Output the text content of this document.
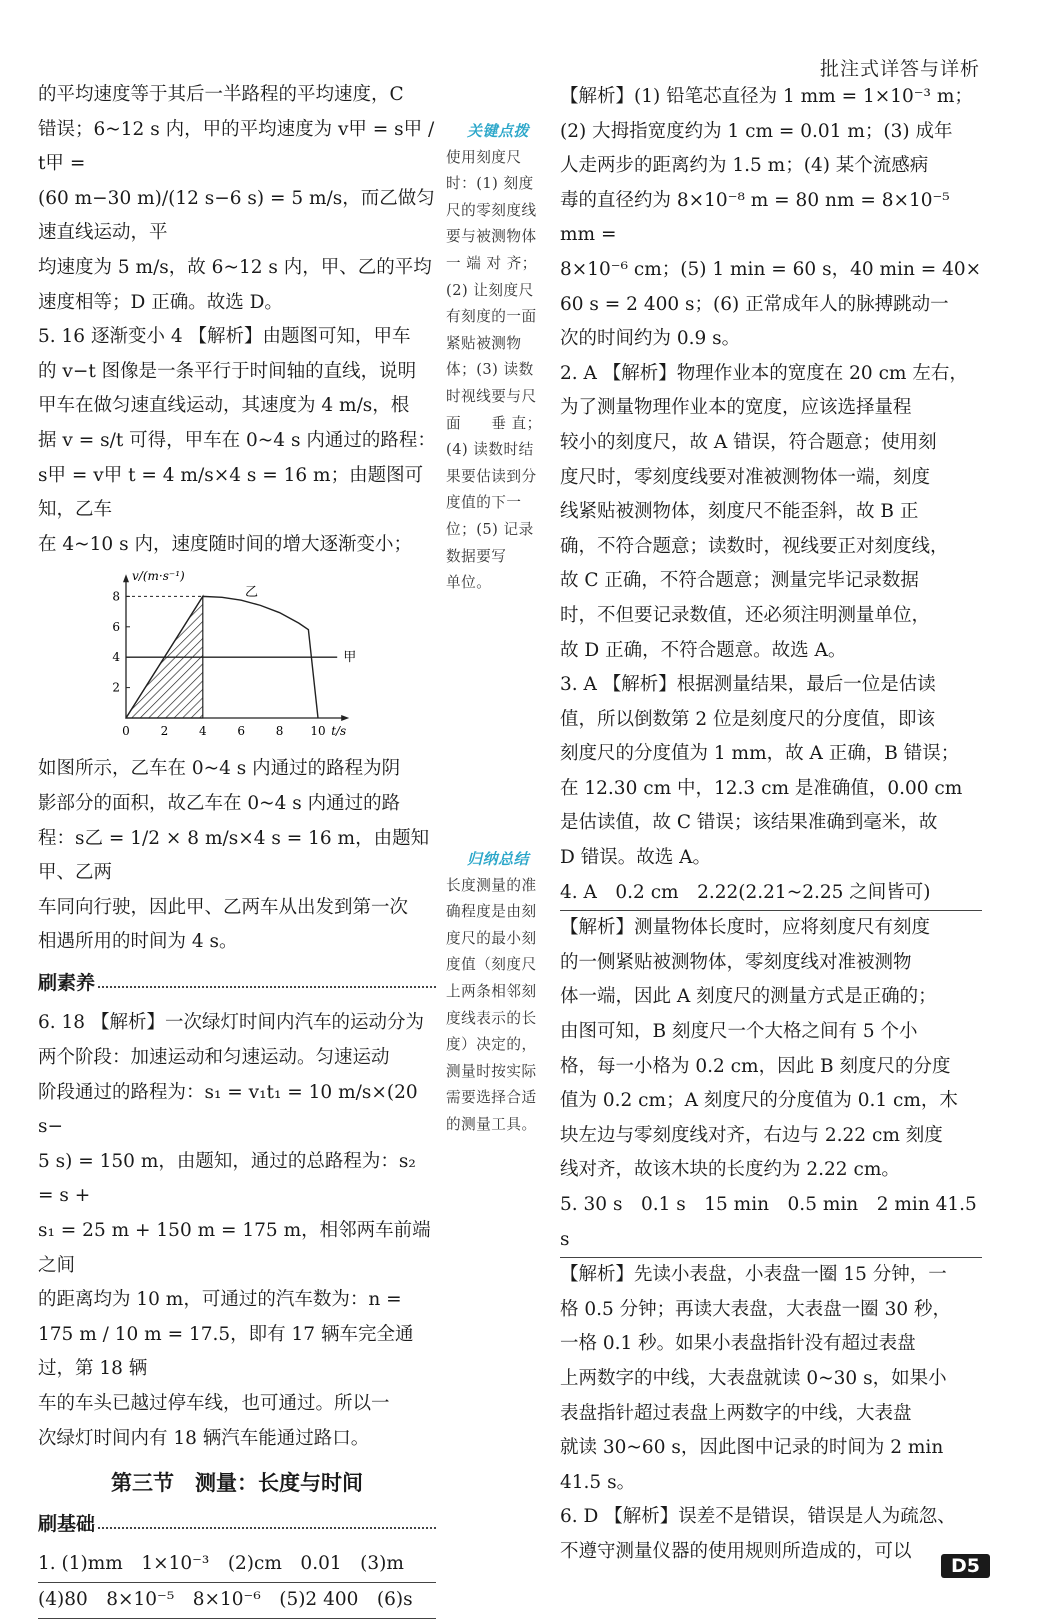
批注式详答与详析

的平均速度等于其后一半路程的平均速度，C

错误；6~12 s 内，甲的平均速度为 v甲 = s甲 / t甲 =

(60 m−30 m)/(12 s−6 s) = 5 m/s，而乙做匀速直线运动，平

均速度为 5 m/s，故 6~12 s 内，甲、乙的平均

速度相等；D 正确。故选 D。

5. 16 逐渐变小 4 【解析】由题图可知，甲车

的 v−t 图像是一条平行于时间轴的直线，说明

甲车在做匀速直线运动，其速度为 4 m/s，根

据 v = s/t 可得，甲车在 0~4 s 内通过的路程：

s甲 = v甲 t = 4 m/s×4 s = 16 m；由题图可知，乙车

在 4~10 s 内，速度随时间的增大逐渐变小；

0	2	4	6	8 10
2
4
6
8
v/(m·s⁻¹)
t/s
甲
乙

如图所示，乙车在 0~4 s 内通过的路程为阴

影部分的面积，故乙车在 0~4 s 内通过的路

程：s乙 = 1/2 × 8 m/s×4 s = 16 m，由题知甲、乙两

车同向行驶，因此甲、乙两车从出发到第一次

相遇所用的时间为 4 s。

刷素养

6. 18 【解析】一次绿灯时间内汽车的运动分为

两个阶段：加速运动和匀速运动。匀速运动

阶段通过的路程为：s₁ = v₁t₁ = 10 m/s×(20 s−

5 s) = 150 m，由题知，通过的总路程为：s₂ = s +

s₁ = 25 m + 150 m = 175 m，相邻两车前端之间

的距离均为 10 m，可通过的汽车数为：n =

175 m / 10 m = 17.5，即有 17 辆车完全通过，第 18 辆

车的车头已越过停车线，也可通过。所以一

次绿灯时间内有 18 辆汽车能通过路口。

第三节　测量：长度与时间
刷基础

1. (1)mm　1×10⁻³　(2)cm　0.01　(3)m

(4)80　8×10⁻⁵　8×10⁻⁶　(5)2 400　(6)s

关键点拨
使用刻度尺
时：(1) 刻度
尺的零刻度线
要与被测物体
一 端 对 齐；
(2) 让刻度尺
有刻度的一面
紧贴被测物
体；(3) 读数
时视线要与尺
面　　垂 直；
(4) 读数时结
果要估读到分
度值的下一
位；(5) 记录
数据要写
单位。
归纳总结
长度测量的准
确程度是由刻
度尺的最小刻
度值（刻度尺
上两条相邻刻
度线表示的长
度）决定的，
测量时按实际
需要选择合适
的测量工具。

【解析】(1) 铅笔芯直径为 1 mm = 1×10⁻³ m；

(2) 大拇指宽度约为 1 cm = 0.01 m；(3) 成年

人走两步的距离约为 1.5 m；(4) 某个流感病

毒的直径约为 8×10⁻⁸ m = 80 nm = 8×10⁻⁵ mm =

8×10⁻⁶ cm；(5) 1 min = 60 s，40 min = 40×

60 s = 2 400 s；(6) 正常成年人的脉搏跳动一

次的时间约为 0.9 s。

2. A 【解析】物理作业本的宽度在 20 cm 左右，

为了测量物理作业本的宽度，应该选择量程

较小的刻度尺，故 A 错误，符合题意；使用刻

度尺时，零刻度线要对准被测物体一端，刻度

线紧贴被测物体，刻度尺不能歪斜，故 B 正

确，不符合题意；读数时，视线要正对刻度线，

故 C 正确，不符合题意；测量完毕记录数据

时，不但要记录数值，还必须注明测量单位，

故 D 正确，不符合题意。故选 A。

3. A 【解析】根据测量结果，最后一位是估读

值，所以倒数第 2 位是刻度尺的分度值，即该

刻度尺的分度值为 1 mm，故 A 正确，B 错误；

在 12.30 cm 中，12.3 cm 是准确值，0.00 cm

是估读值，故 C 错误；该结果准确到毫米，故

D 错误。故选 A。

4. A　0.2 cm　2.22(2.21~2.25 之间皆可)

【解析】测量物体长度时，应将刻度尺有刻度

的一侧紧贴被测物体，零刻度线对准被测物

体一端，因此 A 刻度尺的测量方式是正确的；

由图可知，B 刻度尺一个大格之间有 5 个小

格，每一小格为 0.2 cm，因此 B 刻度尺的分度

值为 0.2 cm；A 刻度尺的分度值为 0.1 cm，木

块左边与零刻度线对齐，右边与 2.22 cm 刻度

线对齐，故该木块的长度约为 2.22 cm。

5. 30 s　0.1 s　15 min　0.5 min　2 min 41.5 s

【解析】先读小表盘，小表盘一圈 15 分钟，一

格 0.5 分钟；再读大表盘，大表盘一圈 30 秒，

一格 0.1 秒。如果小表盘指针没有超过表盘

上两数字的中线，大表盘就读 0~30 s，如果小

表盘指针超过表盘上两数字的中线，大表盘

就读 30~60 s，因此图中记录的时间为 2 min

41.5 s。

6. D 【解析】误差不是错误，错误是人为疏忽、

不遵守测量仪器的使用规则所造成的，可以

D5
